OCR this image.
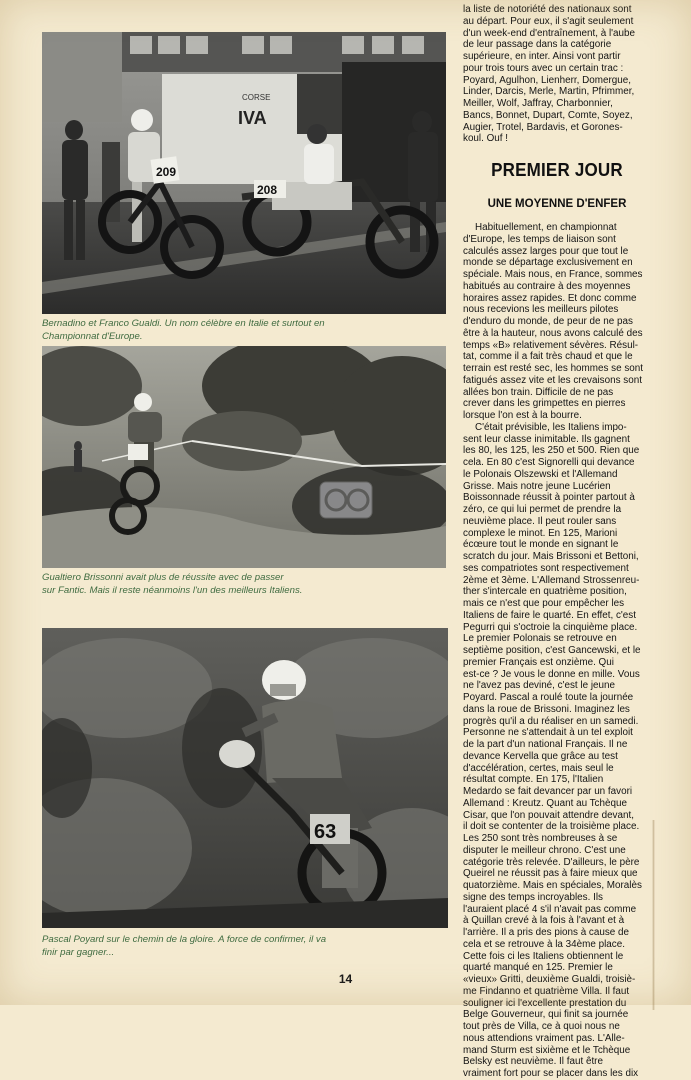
CORSE
IVA
209
208
Bernadino et Franco Gualdi. Un nom célèbre en Italie et surtout en
Championnat d'Europe.
Gualtiero Brissonni avait plus de réussite avec de passer
sur Fantic. Mais il reste néanmoins l'un des meilleurs Italiens.
63
Pascal Poyard sur le chemin de la gloire. A force de confirmer, il va
finir par gagner...

la liste de notoriété des nationaux sont

au départ. Pour eux, il s'agit seulement

d'un week-end d'entraînement, à l'aube

de leur passage dans la catégorie

supérieure, en inter. Ainsi vont partir

pour trois tours avec un certain trac :

Poyard, Agulhon, Lienherr, Domergue,

Linder, Darcis, Merle, Martin, Pfrimmer,

Meiller, Wolf, Jaffray, Charbonnier,

Bancs, Bonnet, Dupart, Comte, Soyez,

Augier, Trotel, Bardavis, et Gorones-

koul. Ouf !

PREMIER JOUR
UNE MOYENNE D'ENFER

Habituellement, en championnat

d'Europe, les temps de liaison sont

calculés assez larges pour que tout le

monde se départage exclusivement en

spéciale. Mais nous, en France, sommes

habitués au contraire à des moyennes

horaires assez rapides. Et donc comme

nous recevions les meilleurs pilotes

d'enduro du monde, de peur de ne pas

être à la hauteur, nous avons calculé des

temps «B» relativement sévères. Résul-

tat, comme il a fait très chaud et que le

terrain est resté sec, les hommes se sont

fatigués assez vite et les crevaisons sont

allées bon train. Difficile de ne pas

crever dans les grimpettes en pierres

lorsque l'on est à la bourre.

C'était prévisible, les Italiens impo-

sent leur classe inimitable. Ils gagnent

les 80, les 125, les 250 et 500. Rien que

cela. En 80 c'est Signorelli qui devance

le Polonais Olszewski et l'Allemand

Grisse. Mais notre jeune Lucérien

Boissonnade réussit à pointer partout à

zéro, ce qui lui permet de prendre la

neuvième place. Il peut rouler sans

complexe le minot. En 125, Marioni

écœure tout le monde en signant le

scratch du jour. Mais Brissoni et Bettoni,

ses compatriotes sont respectivement

2ème et 3ème. L'Allemand Strossenreu-

ther s'intercale en quatrième position,

mais ce n'est que pour empêcher les

Italiens de faire le quarté. En effet, c'est

Pegurri qui s'octroie la cinquième place.

Le premier Polonais se retrouve en

septième position, c'est Gancewski, et le

premier Français est onzième. Qui

est-ce ? Je vous le donne en mille. Vous

ne l'avez pas deviné, c'est le jeune

Poyard. Pascal a roulé toute la journée

dans la roue de Brissoni. Imaginez les

progrès qu'il a du réaliser en un samedi.

Personne ne s'attendait à un tel exploit

de la part d'un national Français. Il ne

devance Kervella que grâce au test

d'accélération, certes, mais seul le

résultat compte. En 175, l'Italien

Medardo se fait devancer par un favori

Allemand : Kreutz. Quant au Tchèque

Cisar, que l'on pouvait attendre devant,

il doit se contenter de la troisième place.

Les 250 sont très nombreuses à se

disputer le meilleur chrono. C'est une

catégorie très relevée. D'ailleurs, le père

Queirel ne réussit pas à faire mieux que

quatorzième. Mais en spéciales, Moralès

signe des temps incroyables. Ils

l'auraient placé 4 s'il n'avait pas comme

à Quillan crevé à la fois à l'avant et à

l'arrière. Il a pris des pions à cause de

cela et se retrouve à la 34ème place.

Cette fois ci les Italiens obtiennent le

quarté manqué en 125. Premier le

«vieux» Gritti, deuxième Gualdi, troisiè-

me Findanno et quatrième Villa. Il faut

souligner ici l'excellente prestation du

Belge Gouverneur, qui finit sa journée

tout près de Villa, ce à quoi nous ne

nous attendions vraiment pas. L'Alle-

mand Sturm est sixième et le Tchèque

Belsky est neuvième. Il faut être

vraiment fort pour se placer dans les dix

14
